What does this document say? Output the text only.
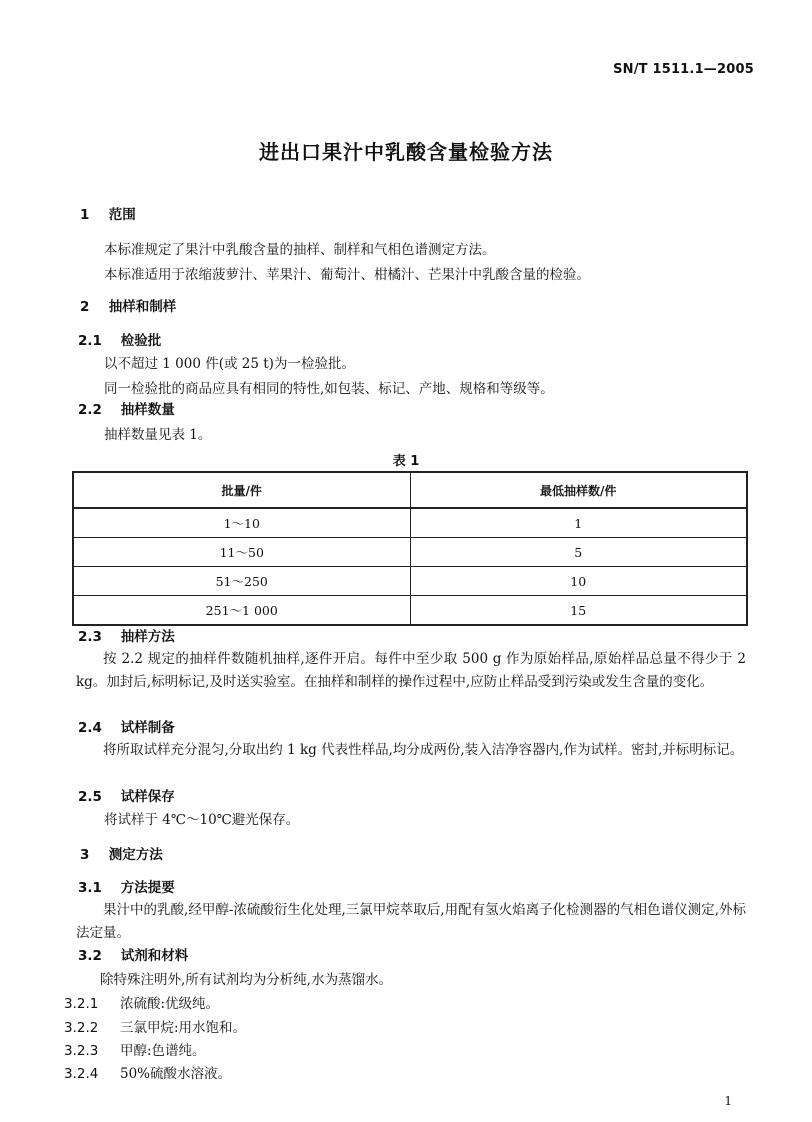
SN/T 1511.1—2005
进出口果汁中乳酸含量检验方法
1 范围
本标准规定了果汁中乳酸含量的抽样、制样和气相色谱测定方法。
本标准适用于浓缩菠萝汁、苹果汁、葡萄汁、柑橘汁、芒果汁中乳酸含量的检验。
2 抽样和制样
2.1 检验批
以不超过 1 000 件(或 25 t)为一检验批。
同一检验批的商品应具有相同的特性,如包装、标记、产地、规格和等级等。
2.2 抽样数量
抽样数量见表 1。
表 1
批量/件	最低抽样数/件
1～10	1
11～50	5
51～250	10
251～1 000	15
2.3 抽样方法
按 2.2 规定的抽样件数随机抽样,逐件开启。每件中至少取 500 g 作为原始样品,原始样品总量不得少于 2 kg。加封后,标明标记,及时送实验室。在抽样和制样的操作过程中,应防止样品受到污染或发生含量的变化。
2.4 试样制备
将所取试样充分混匀,分取出约 1 kg 代表性样品,均分成两份,装入洁净容器内,作为试样。密封,并标明标记。
2.5 试样保存
将试样于 4℃～10℃避光保存。
3 测定方法
3.1 方法提要
果汁中的乳酸,经甲醇-浓硫酸衍生化处理,三氯甲烷萃取后,用配有氢火焰离子化检测器的气相色谱仪测定,外标法定量。
3.2 试剂和材料
除特殊注明外,所有试剂均为分析纯,水为蒸馏水。
3.2.1 浓硫酸:优级纯。
3.2.2 三氯甲烷:用水饱和。
3.2.3 甲醇:色谱纯。
3.2.4 50%硫酸水溶液。
1
